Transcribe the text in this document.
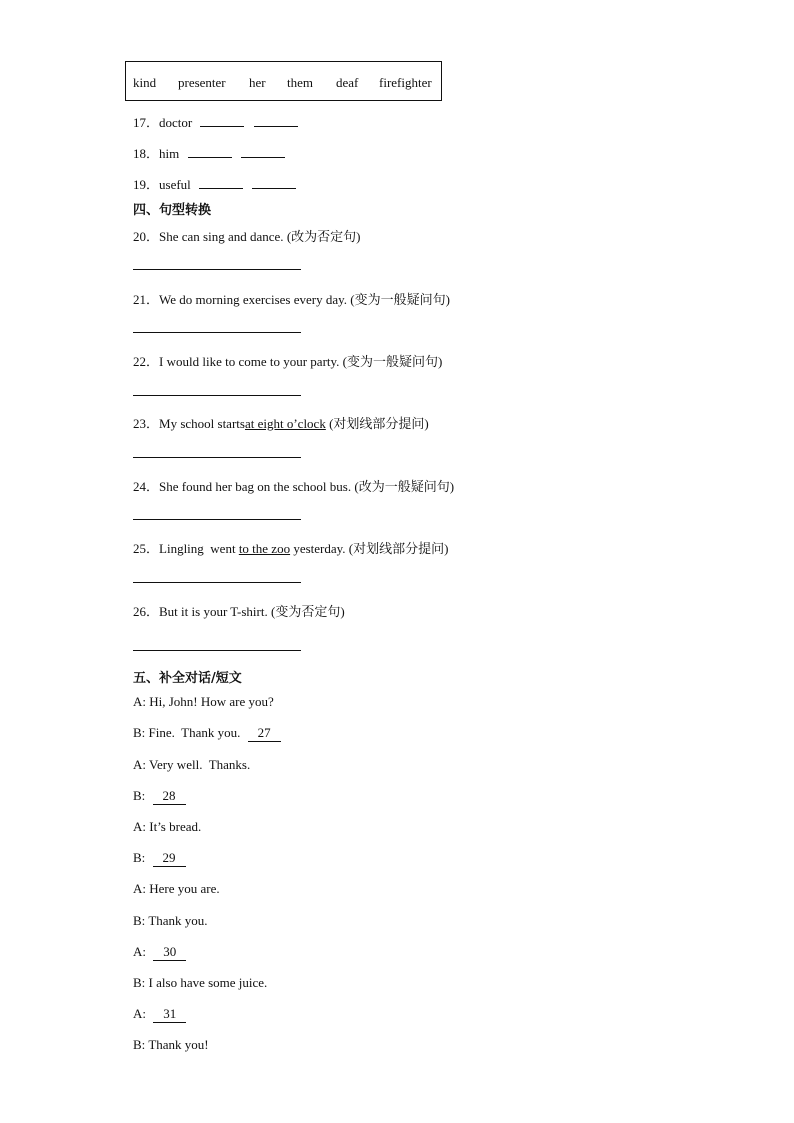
kind presenter her them deaf firefighter
17．doctor
18．him
19．useful
四、句型转换
20．She can sing and dance. (改为否定句)
21．We do morning exercises every day. (变为一般疑问句)
22．I would like to come to your party. (变为一般疑问句)
23．My school startsat eight o’clock (对划线部分提问)
24．She found her bag on the school bus. (改为一般疑问句)
25．Lingling  went to the zoo yesterday. (对划线部分提问)
26．But it is your T-shirt. (变为否定句)
五、补全对话/短文
A: Hi, John! How are you?
B: Fine.  Thank you. 27
A: Very well.  Thanks.
B: 28
A: It’s bread.
B: 29
A: Here you are.
B: Thank you.
A: 30
B: I also have some juice.
A: 31
B: Thank you!
